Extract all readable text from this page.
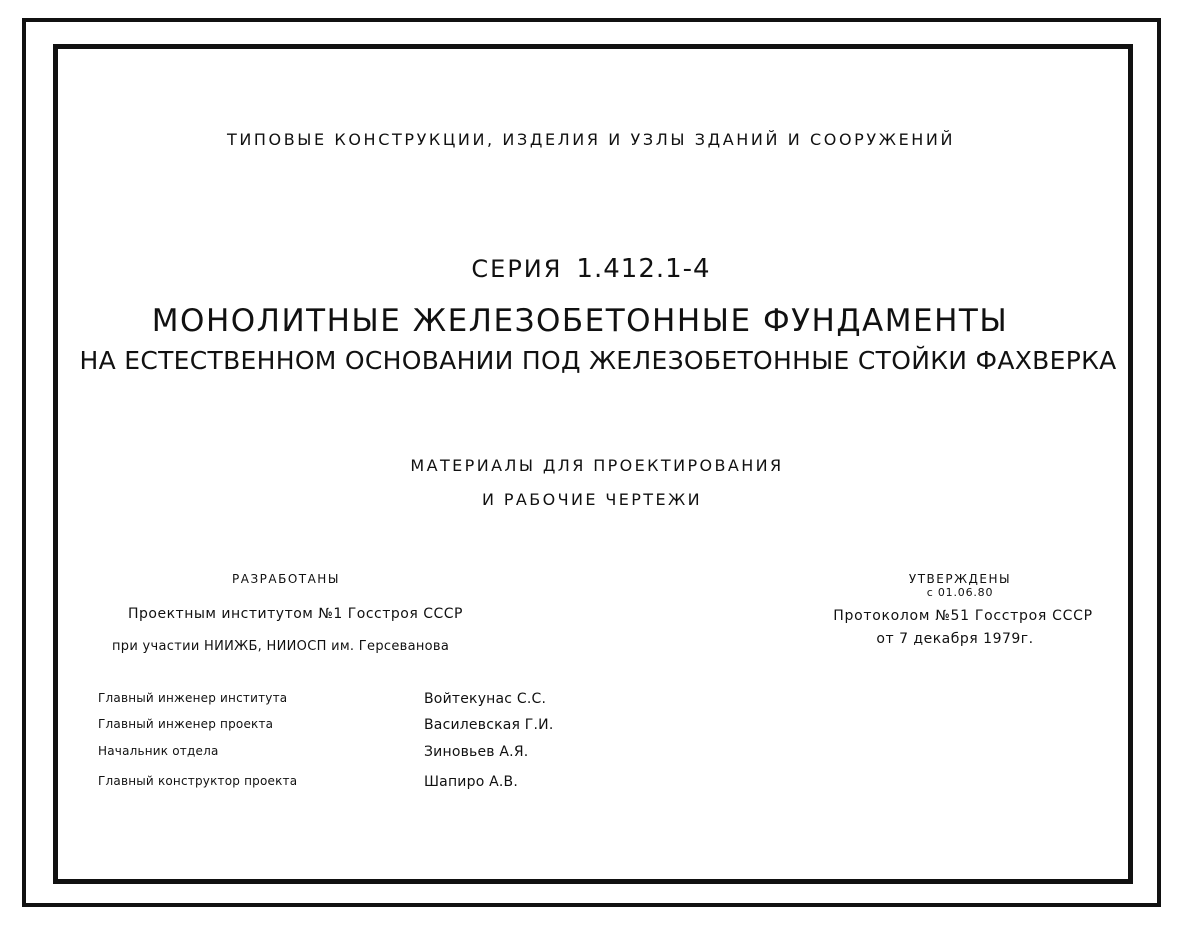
ТИПОВЫЕ КОНСТРУКЦИИ, ИЗДЕЛИЯ И УЗЛЫ ЗДАНИЙ И СООРУЖЕНИЙ
СЕРИЯ 1.412.1-4
МОНОЛИТНЫЕ ЖЕЛЕЗОБЕТОННЫЕ ФУНДАМЕНТЫ
НА ЕСТЕСТВЕННОМ ОСНОВАНИИ ПОД ЖЕЛЕЗОБЕТОННЫЕ СТОЙКИ ФАХВЕРКА
МАТЕРИАЛЫ ДЛЯ ПРОЕКТИРОВАНИЯ
И РАБОЧИЕ ЧЕРТЕЖИ
РАЗРАБОТАНЫ
Проектным институтом №1 Госстроя СССР
при участии НИИЖБ, НИИОСП им. Герсеванова
УТВЕРЖДЕНЫ
с 01.06.80
Протоколом №51 Госстроя СССР
от 7 декабря 1979г.
Главный инженер института	Войтекунас С.С.
Главный инженер проекта	Василевская Г.И.
Начальник отдела	Зиновьев А.Я.
Главный конструктор проекта	Шапиро А.В.
